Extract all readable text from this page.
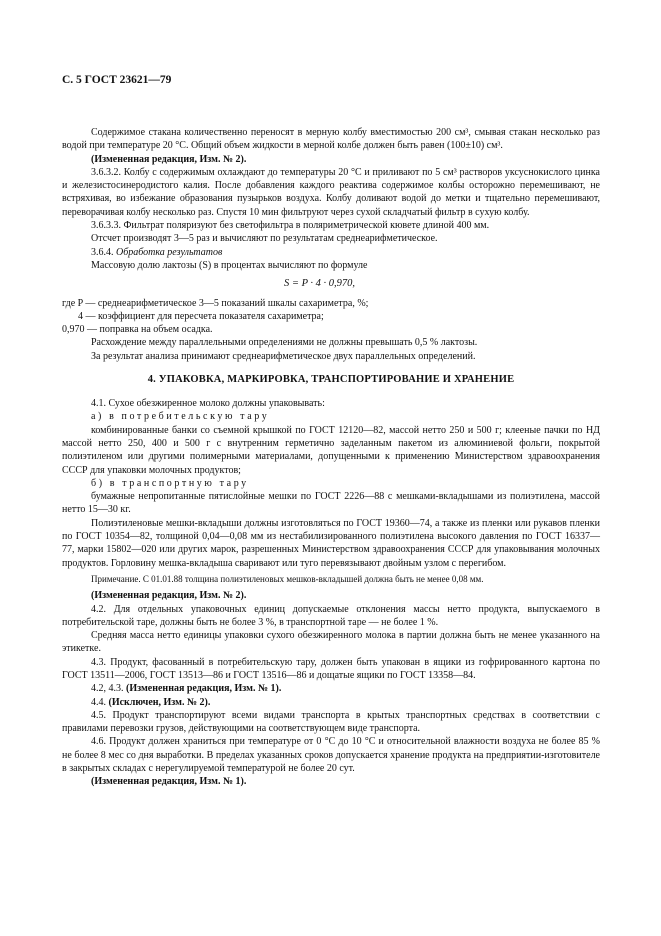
С. 5 ГОСТ 23621—79

Содержимое стакана количественно переносят в мерную колбу вместимостью 200 см³, смывая стакан несколько раз водой при температуре 20 °С. Общий объем жидкости в мерной колбе должен быть равен (100±10) см³.

(Измененная редакция, Изм. № 2).

3.6.3.2. Колбу с содержимым охлаждают до температуры 20 °С и приливают по 5 см³ растворов уксуснокислого цинка и железистосинеродистого калия. После добавления каждого реактива содержимое колбы осторожно перемешивают, не встряхивая, во избежание образования пузырьков воздуха. Колбу доливают водой до метки и тщательно перемешивают, переворачивая колбу несколько раз. Спустя 10 мин фильтруют через сухой складчатый фильтр в сухую колбу.

3.6.3.3. Фильтрат поляризуют без светофильтра в поляриметрической кювете длиной 400 мм.

Отсчет производят 3—5 раз и вычисляют по результатам среднеарифметическое.

3.6.4. Обработка результатов

Массовую долю лактозы (S) в процентах вычисляют по формуле

S = P · 4 · 0,970,

где P — среднеарифметическое 3—5 показаний шкалы сахариметра, %;

4 — коэффициент для пересчета показателя сахариметра;

0,970 — поправка на объем осадка.

Расхождение между параллельными определениями не должны превышать 0,5 % лактозы.

За результат анализа принимают среднеарифметическое двух параллельных определений.

4. УПАКОВКА, МАРКИРОВКА, ТРАНСПОРТИРОВАНИЕ И ХРАНЕНИЕ

4.1. Сухое обезжиренное молоко должны упаковывать:

а) в потребительскую тару

комбинированные банки со съемной крышкой по ГОСТ 12120—82, массой нетто 250 и 500 г; клееные пачки по НД массой нетто 250, 400 и 500 г с внутренним герметично заделанным пакетом из алюминиевой фольги, покрытой полиэтиленом или другими полимерными материалами, допущенными к применению Министерством здравоохранения СССР для упаковки молочных продуктов;

б) в транспортную тару

бумажные непропитанные пятислойные мешки по ГОСТ 2226—88 с мешками-вкладышами из полиэтилена, массой нетто 15—30 кг.

Полиэтиленовые мешки-вкладыши должны изготовляться по ГОСТ 19360—74, а также из пленки или рукавов пленки по ГОСТ 10354—82, толщиной 0,04—0,08 мм из нестабилизированного полиэтилена высокого давления по ГОСТ 16337—77, марки 15802—020 или других марок, разрешенных Министерством здравоохранения СССР для упаковывания молочных продуктов. Горловину мешка-вкладыша сваривают или туго перевязывают двойным узлом с перегибом.

Примечание. С 01.01.88 толщина полиэтиленовых мешков-вкладышей должна быть не менее 0,08 мм.

(Измененная редакция, Изм. № 2).

4.2. Для отдельных упаковочных единиц допускаемые отклонения массы нетто продукта, выпускаемого в потребительской таре, должны быть не более 3 %, в транспортной таре — не более 1 %.

Средняя масса нетто единицы упаковки сухого обезжиренного молока в партии должна быть не менее указанного на этикетке.

4.3. Продукт, фасованный в потребительскую тару, должен быть упакован в ящики из гофрированного картона по ГОСТ 13511—2006, ГОСТ 13513—86 и ГОСТ 13516—86 и дощатые ящики по ГОСТ 13358—84.

4.2, 4.3. (Измененная редакция, Изм. № 1).

4.4. (Исключен, Изм. № 2).

4.5. Продукт транспортируют всеми видами транспорта в крытых транспортных средствах в соответствии с правилами перевозки грузов, действующими на соответствующем виде транспорта.

4.6. Продукт должен храниться при температуре от 0 °С до 10 °С и относительной влажности воздуха не более 85 % не более 8 мес со дня выработки. В пределах указанных сроков допускается хранение продукта на предприятии-изготовителе в закрытых складах с нерегулируемой температурой не более 20 сут.

(Измененная редакция, Изм. № 1).
